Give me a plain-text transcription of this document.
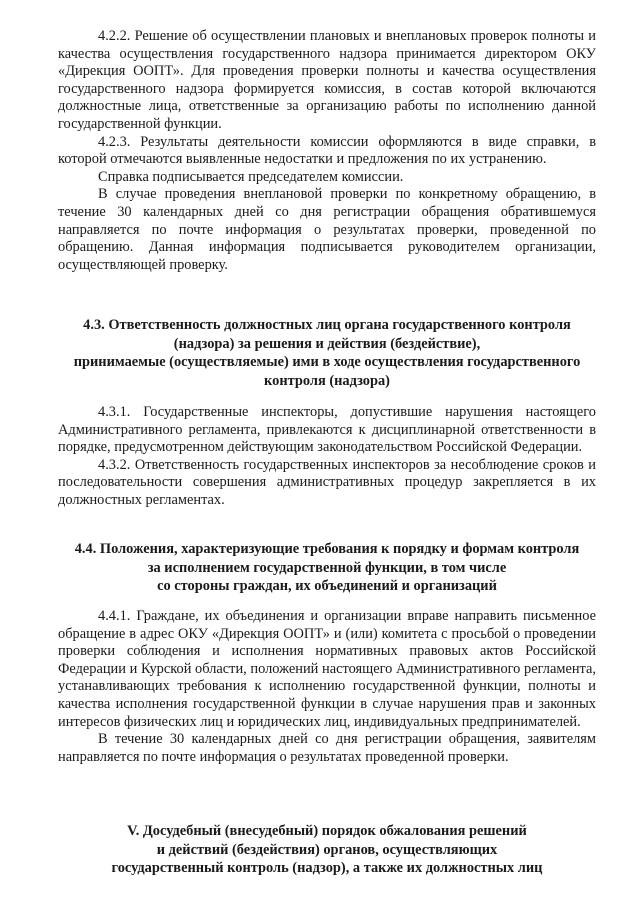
4.2.2. Решение об осуществлении плановых и внеплановых проверок полноты и качества осуществления государственного надзора принимается директором ОКУ «Дирекция ООПТ». Для проведения проверки полноты и качества осуществления государственного надзора формируется комиссия, в состав которой включаются должностные лица, ответственные за организацию работы по исполнению данной государственной функции.

4.2.3. Результаты деятельности комиссии оформляются в виде справки, в которой отмечаются выявленные недостатки и предложения по их устранению.

Справка подписывается председателем комиссии.

В случае проведения внеплановой проверки по конкретному обращению, в течение 30 календарных дней со дня регистрации обращения обратившемуся направляется по почте информация о результатах проверки, проведенной по обращению. Данная информация подписывается руководителем организации, осуществляющей проверку.

4.3. Ответственность должностных лиц органа государственного контроля
(надзора) за решения и действия (бездействие),
принимаемые (осуществляемые) ими в ходе осуществления государственного
контроля (надзора)

4.3.1. Государственные инспекторы, допустившие нарушения настоящего Административного регламента, привлекаются к дисциплинарной ответственности в порядке, предусмотренном действующим законодательством Российской Федерации.

4.3.2. Ответственность государственных инспекторов за несоблюдение сроков и последовательности совершения административных процедур закрепляется в их должностных регламентах.

4.4. Положения, характеризующие требования к порядку и формам контроля
за исполнением государственной функции, в том числе
со стороны граждан, их объединений и организаций

4.4.1. Граждане, их объединения и организации вправе направить письменное обращение в адрес ОКУ «Дирекция ООПТ» и (или) комитета с просьбой о проведении проверки соблюдения и исполнения нормативных правовых актов Российской Федерации и Курской области, положений настоящего Административного регламента, устанавливающих требования к исполнению государственной функции, полноты и качества исполнения государственной функции в случае нарушения прав и законных интересов физических лиц и юридических лиц, индивидуальных предпринимателей.

В течение 30 календарных дней со дня регистрации обращения, заявителям направляется по почте информация о результатах проведенной проверки.

V. Досудебный (внесудебный) порядок обжалования решений
и действий (бездействия) органов, осуществляющих
государственный контроль (надзор), а также их должностных лиц
